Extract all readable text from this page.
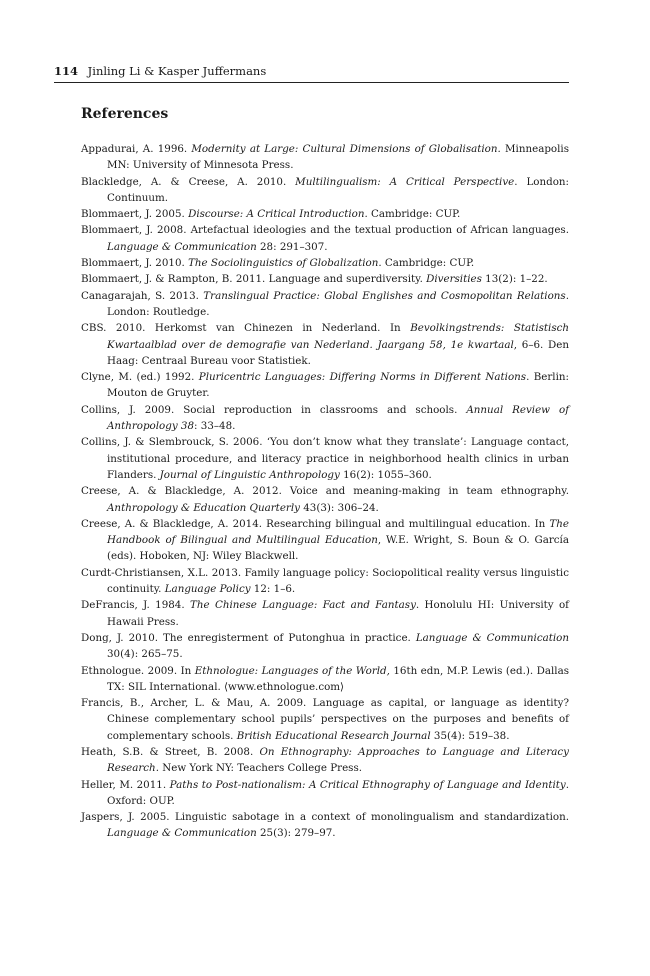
114 Jinling Li & Kasper Juffermans
References
Appadurai, A. 1996. Modernity at Large: Cultural Dimensions of Globalisation. Minneapolis MN: University of Minnesota Press.
Blackledge, A. & Creese, A. 2010. Multilingualism: A Critical Perspective. London: Continuum.
Blommaert, J. 2005. Discourse: A Critical Introduction. Cambridge: CUP.
Blommaert, J. 2008. Artefactual ideologies and the textual production of African languages. Language & Communication 28: 291–307.
Blommaert, J. 2010. The Sociolinguistics of Globalization. Cambridge: CUP.
Blommaert, J. & Rampton, B. 2011. Language and superdiversity. Diversities 13(2): 1–22.
Canagarajah, S. 2013. Translingual Practice: Global Englishes and Cosmopolitan Relations. London: Routledge.
CBS. 2010. Herkomst van Chinezen in Nederland. In Bevolkingstrends: Statistisch Kwartaalblad over de demografie van Nederland. Jaargang 58, 1e kwartaal, 6–6. Den Haag: Centraal Bureau voor Statistiek.
Clyne, M. (ed.) 1992. Pluricentric Languages: Differing Norms in Different Nations. Berlin: Mouton de Gruyter.
Collins, J. 2009. Social reproduction in classrooms and schools. Annual Review of Anthropology 38: 33–48.
Collins, J. & Slembrouck, S. 2006. ‘You don’t know what they translate’: Language contact, institutional procedure, and literacy practice in neighborhood health clinics in urban Flanders. Journal of Linguistic Anthropology 16(2): 1055–360.
Creese, A. & Blackledge, A. 2012. Voice and meaning-making in team ethnography. Anthropology & Education Quarterly 43(3): 306–24.
Creese, A. & Blackledge, A. 2014. Researching bilingual and multilingual education. In The Handbook of Bilingual and Multilingual Education, W.E. Wright, S. Boun & O. García (eds). Hoboken, NJ: Wiley Blackwell.
Curdt-Christiansen, X.L. 2013. Family language policy: Sociopolitical reality versus linguistic continuity. Language Policy 12: 1–6.
DeFrancis, J. 1984. The Chinese Language: Fact and Fantasy. Honolulu HI: University of Hawaii Press.
Dong, J. 2010. The enregisterment of Putonghua in practice. Language & Communication 30(4): 265–75.
Ethnologue. 2009. In Ethnologue: Languages of the World, 16th edn, M.P. Lewis (ed.). Dallas TX: SIL International. ⟨www.ethnologue.com⟩
Francis, B., Archer, L. & Mau, A. 2009. Language as capital, or language as identity? Chinese complementary school pupils’ perspectives on the purposes and benefits of complementary schools. British Educational Research Journal 35(4): 519–38.
Heath, S.B. & Street, B. 2008. On Ethnography: Approaches to Language and Literacy Research. New York NY: Teachers College Press.
Heller, M. 2011. Paths to Post-nationalism: A Critical Ethnography of Language and Identity. Oxford: OUP.
Jaspers, J. 2005. Linguistic sabotage in a context of monolingualism and standardization. Language & Communication 25(3): 279–97.
